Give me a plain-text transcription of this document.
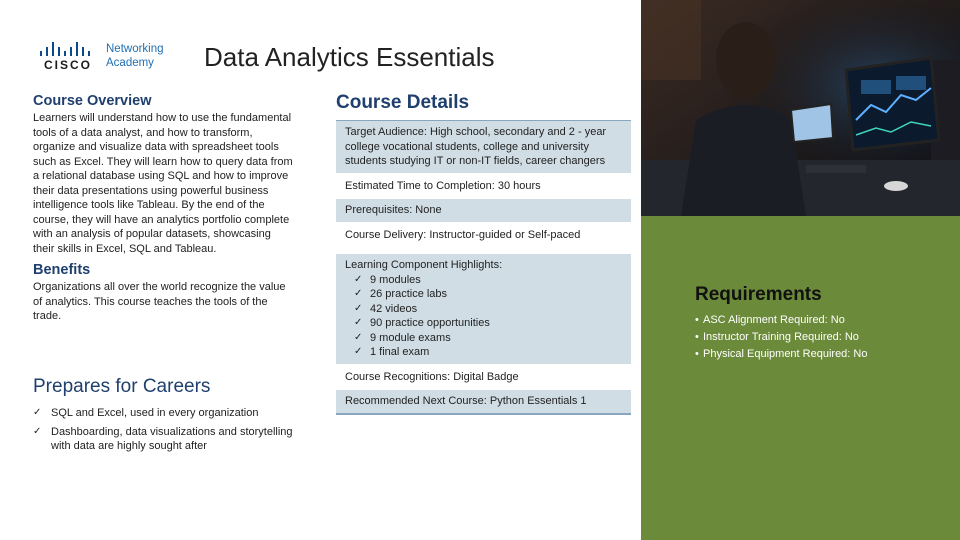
CISCO
Networking
Academy	Data Analytics Essentials
Course Overview

Learners will understand how to use the fundamental tools of a data analyst, and how to transform, organize and visualize data with spreadsheet tools such as Excel. They will learn how to query data from a relational database using SQL and how to improve their data presentations using powerful business intelligence tools like Tableau. By the end of the course, they will have an analytics portfolio complete with an analysis of popular datasets, showcasing their skills in Excel, SQL and Tableau.

Benefits

Organizations all over the world recognize the value of analytics. This course teaches the tools of the trade.

Prepares for Careers
✓ SQL and Excel, used in every organization
✓ Dashboarding, data visualizations and storytelling with data are highly sought after
Course Details
Target Audience: High school, secondary and 2 - year college vocational students, college and university students studying IT or non-IT fields, career changers
Estimated Time to Completion: 30 hours
Prerequisites: None
Course Delivery: Instructor-guided or Self-paced
Learning Component Highlights:
✓ 9 modules
✓ 26 practice labs
✓ 42 videos
✓ 90 practice opportunities
✓ 9 module exams
✓ 1 final exam
Course Recognitions: Digital Badge
Recommended Next Course: Python Essentials 1
Requirements
• ASC Alignment Required: No
• Instructor Training Required: No
• Physical Equipment Required: No
